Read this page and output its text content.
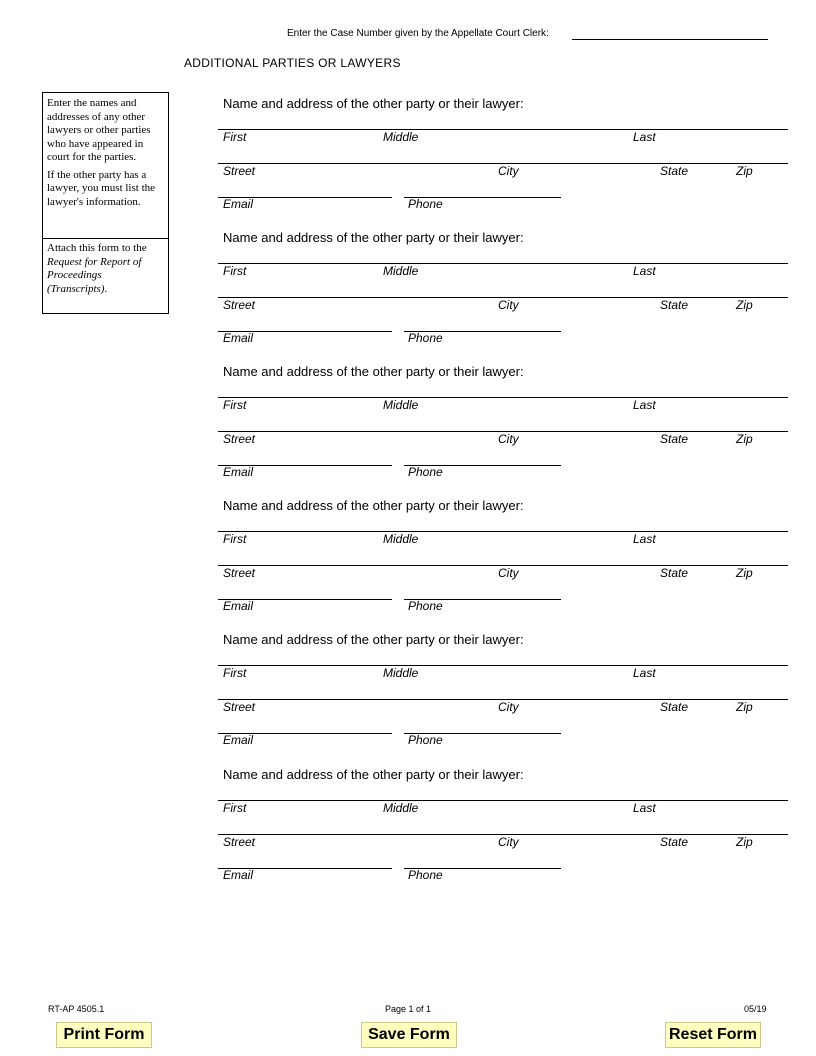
Enter the Case Number given by the Appellate Court Clerk:
ADDITIONAL PARTIES OR LAWYERS

Enter the names and addresses of any other lawyers or other parties who have appeared in court for the parties.

If the other party has a lawyer, you must list the lawyer's information.

Attach this form to the Request for Report of Proceedings (Transcripts).
Name and address of the other party or their lawyer:
First	Middle	Last
Street	City	State	Zip
Email	Phone
Name and address of the other party or their lawyer:
First	Middle	Last
Street	City	State	Zip
Email	Phone
Name and address of the other party or their lawyer:
First	Middle	Last
Street	City	State	Zip
Email	Phone
Name and address of the other party or their lawyer:
First	Middle	Last
Street	City	State	Zip
Email	Phone
Name and address of the other party or their lawyer:
First	Middle	Last
Street	City	State	Zip
Email	Phone
Name and address of the other party or their lawyer:
First	Middle	Last
Street	City	State	Zip
Email	Phone
RT-AP 4505.1	Page 1 of 1	05/19
Print Form	Save Form	Reset Form
